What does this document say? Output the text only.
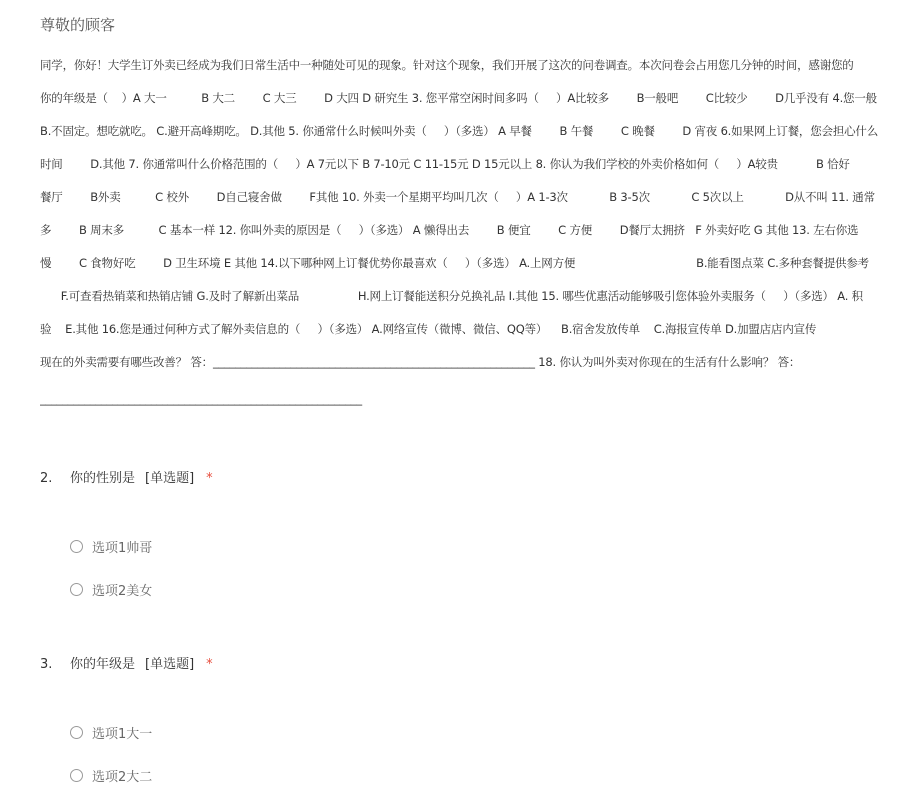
尊敬的顾客
同学，你好！大学生订外卖已经成为我们日常生活中一种随处可见的现象。针对这个现象，我们开展了这次的问卷调查。本次问卷会占用您几分钟的时间，感谢您的
你的年级是（    ）A 大一          B 大二        C 大三        D 大四 D 研究生 3. 您平常空闲时间多吗（     ）A比较多        B一般吧        C比较少        D几乎没有 4.您一般
B.不固定。想吃就吃。 C.避开高峰期吃。 D.其他 5. 你通常什么时候叫外卖（     ）（多选） A 早餐        B 午餐        C 晚餐        D 宵夜 6.如果网上订餐，您会担心什么
时间        D.其他 7. 你通常叫什么价格范围的（     ）A 7元以下 B 7-10元 C 11-15元 D 15元以上 8. 你认为我们学校的外卖价格如何（     ）A较贵           B 恰好
餐厅        B外卖          C 校外        D自己寝舍做        F其他 10. 外卖一个星期平均叫几次（     ）A 1-3次            B 3-5次            C 5次以上            D从不叫 11. 通常
多        B 周末多          C 基本一样 12. 你叫外卖的原因是（     ）（多选） A 懒得出去        B 便宜        C 方便        D餐厅太拥挤   F 外卖好吃 G 其他 13. 左右你选
慢        C 食物好吃        D 卫生环境 E 其他 14.以下哪种网上订餐优势你最喜欢（     ）（多选） A.上网方便                                   B.能看图点菜 C.多种套餐提供参考
F.可查看热销菜和热销店铺 G.及时了解新出菜品                 H.网上订餐能送积分兑换礼品 I.其他 15. 哪些优惠活动能够吸引您体验外卖服务（     ）（多选） A. 积
验    E.其他 16.您是通过何种方式了解外卖信息的（     ）（多选） A.网络宣传（微博、微信、QQ等）    B.宿舍发放传单    C.海报宣传单 D.加盟店店内宣传
现在的外卖需要有哪些改善？ 答：__________________________________________________________ 18. 你认为叫外卖对你现在的生活有什么影响？ 答：
__________________________________________________________
2. 你的性别是 [单选题] *
选项1帅哥
选项2美女
3. 你的年级是 [单选题] *
选项1大一
选项2大二
